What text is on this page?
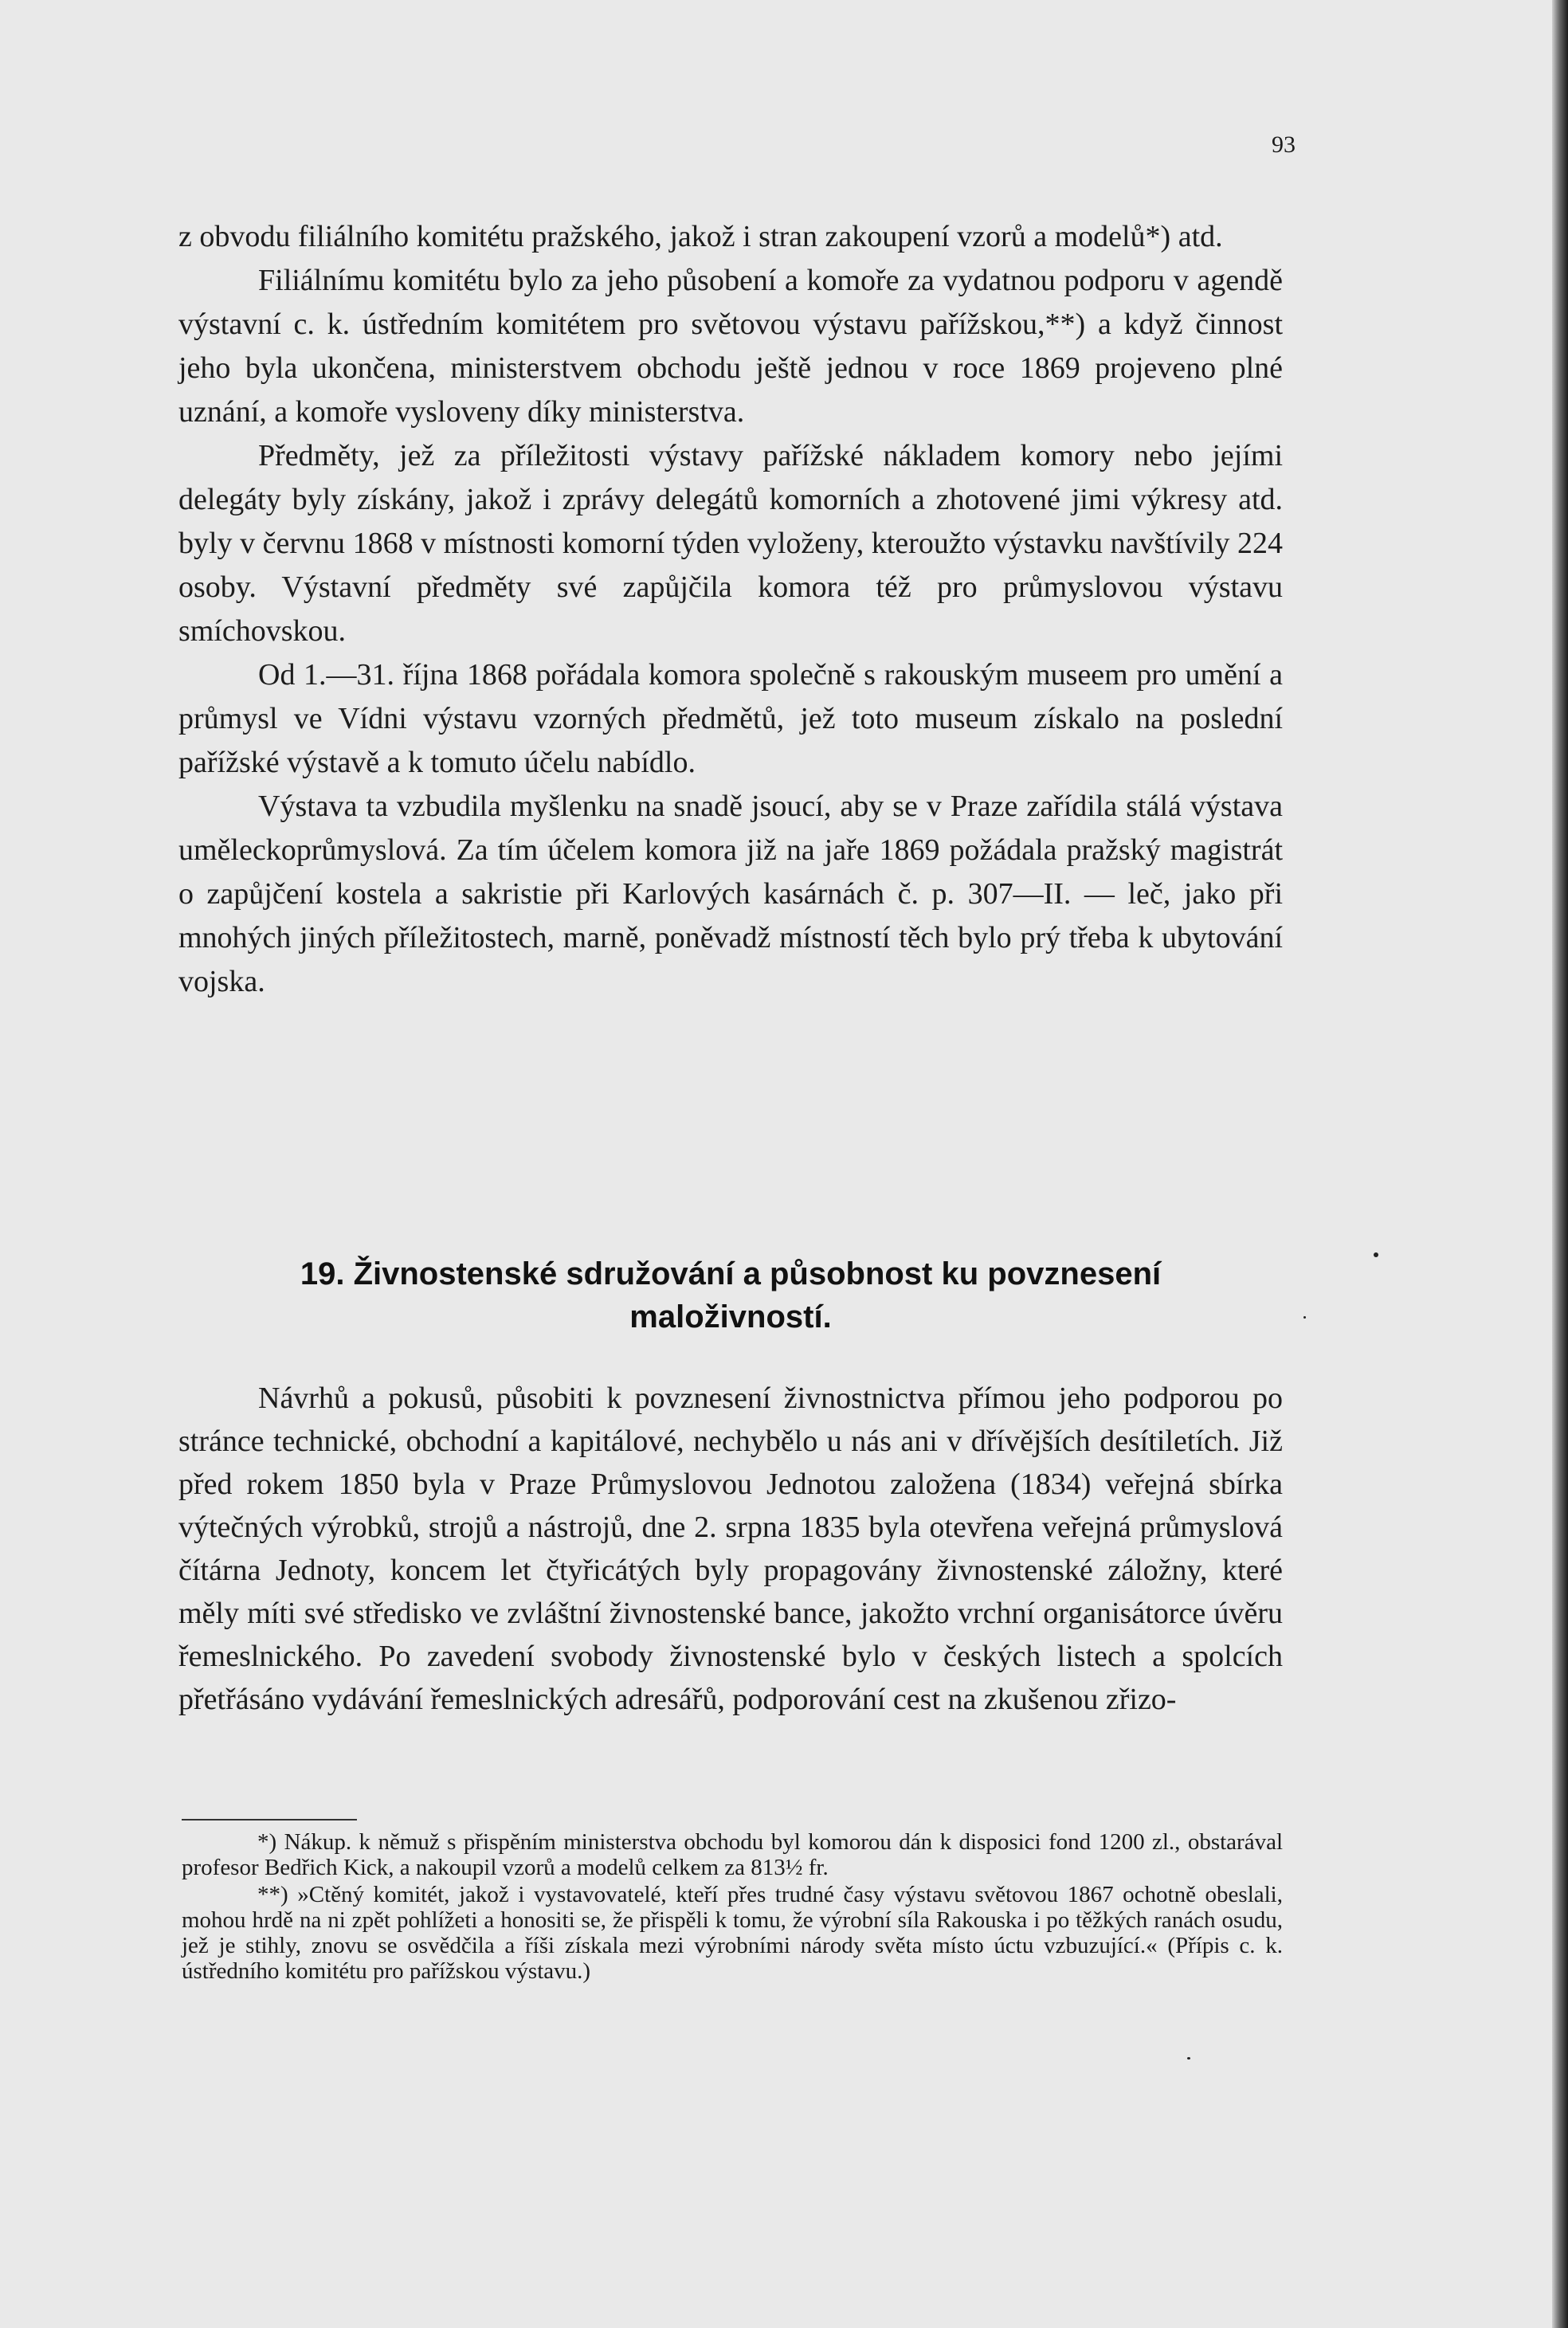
93

z obvodu filiálního komitétu pražského, jakož i stran zakoupení vzorů a modelů*) atd.

Filiálnímu komitétu bylo za jeho působení a komoře za vydatnou podporu v agendě výstavní c. k. ústředním komitétem pro světovou výstavu pařížskou,**) a když činnost jeho byla ukončena, ministerstvem obchodu ještě jednou v roce 1869 projeveno plné uznání, a komoře vysloveny díky ministerstva.

Předměty, jež za příležitosti výstavy pařížské nákladem komory nebo jejími delegáty byly získány, jakož i zprávy delegátů komorních a zhotovené jimi výkresy atd. byly v červnu 1868 v místnosti komorní týden vyloženy, kteroužto výstavku navštívily 224 osoby. Výstavní předměty své zapůjčila komora též pro průmyslovou výstavu smíchovskou.

Od 1.—31. října 1868 pořádala komora společně s rakouským museem pro umění a průmysl ve Vídni výstavu vzorných předmětů, jež toto museum získalo na poslední pařížské výstavě a k tomuto účelu nabídlo.

Výstava ta vzbudila myšlenku na snadě jsoucí, aby se v Praze zařídila stálá výstava uměleckoprůmyslová. Za tím účelem komora již na jaře 1869 požádala pražský magistrát o zapůjčení kostela a sakristie při Karlových kasárnách č. p. 307—II. — leč, jako při mnohých jiných příležitostech, marně, poněvadž místností těch bylo prý třeba k ubytování vojska.

19. Živnostenské sdružování a působnost ku povznesení
maloživností.

Návrhů a pokusů, působiti k povznesení živnostnictva přímou jeho podporou po stránce technické, obchodní a kapitálové, nechybělo u nás ani v dřívějších desítiletích. Již před rokem 1850 byla v Praze Průmyslovou Jednotou založena (1834) veřejná sbírka výtečných výrobků, strojů a nástrojů, dne 2. srpna 1835 byla otevřena veřejná průmyslová čítárna Jednoty, koncem let čtyřicátých byly propagovány živnostenské záložny, které měly míti své středisko ve zvláštní živnostenské bance, jakožto vrchní organisátorce úvěru řemeslnického. Po zavedení svobody živnostenské bylo v českých listech a spolcích přetřásáno vydávání řemeslnických adresářů, podporování cest na zkušenou zřizo-

*) Nákup. k němuž s přispěním ministerstva obchodu byl komorou dán k disposici fond 1200 zl., obstarával profesor Bedřich Kick, a nakoupil vzorů a modelů celkem za 813½ fr.

**) »Ctěný komitét, jakož i vystavovatelé, kteří přes trudné časy výstavu světovou 1867 ochotně obeslali, mohou hrdě na ni zpět pohlížeti a honositi se, že přispěli k tomu, že výrobní síla Rakouska i po těžkých ranách osudu, jež je stihly, znovu se osvědčila a říši získala mezi výrobními národy světa místo úctu vzbuzující.« (Přípis c. k. ústředního komitétu pro pařížskou výstavu.)
